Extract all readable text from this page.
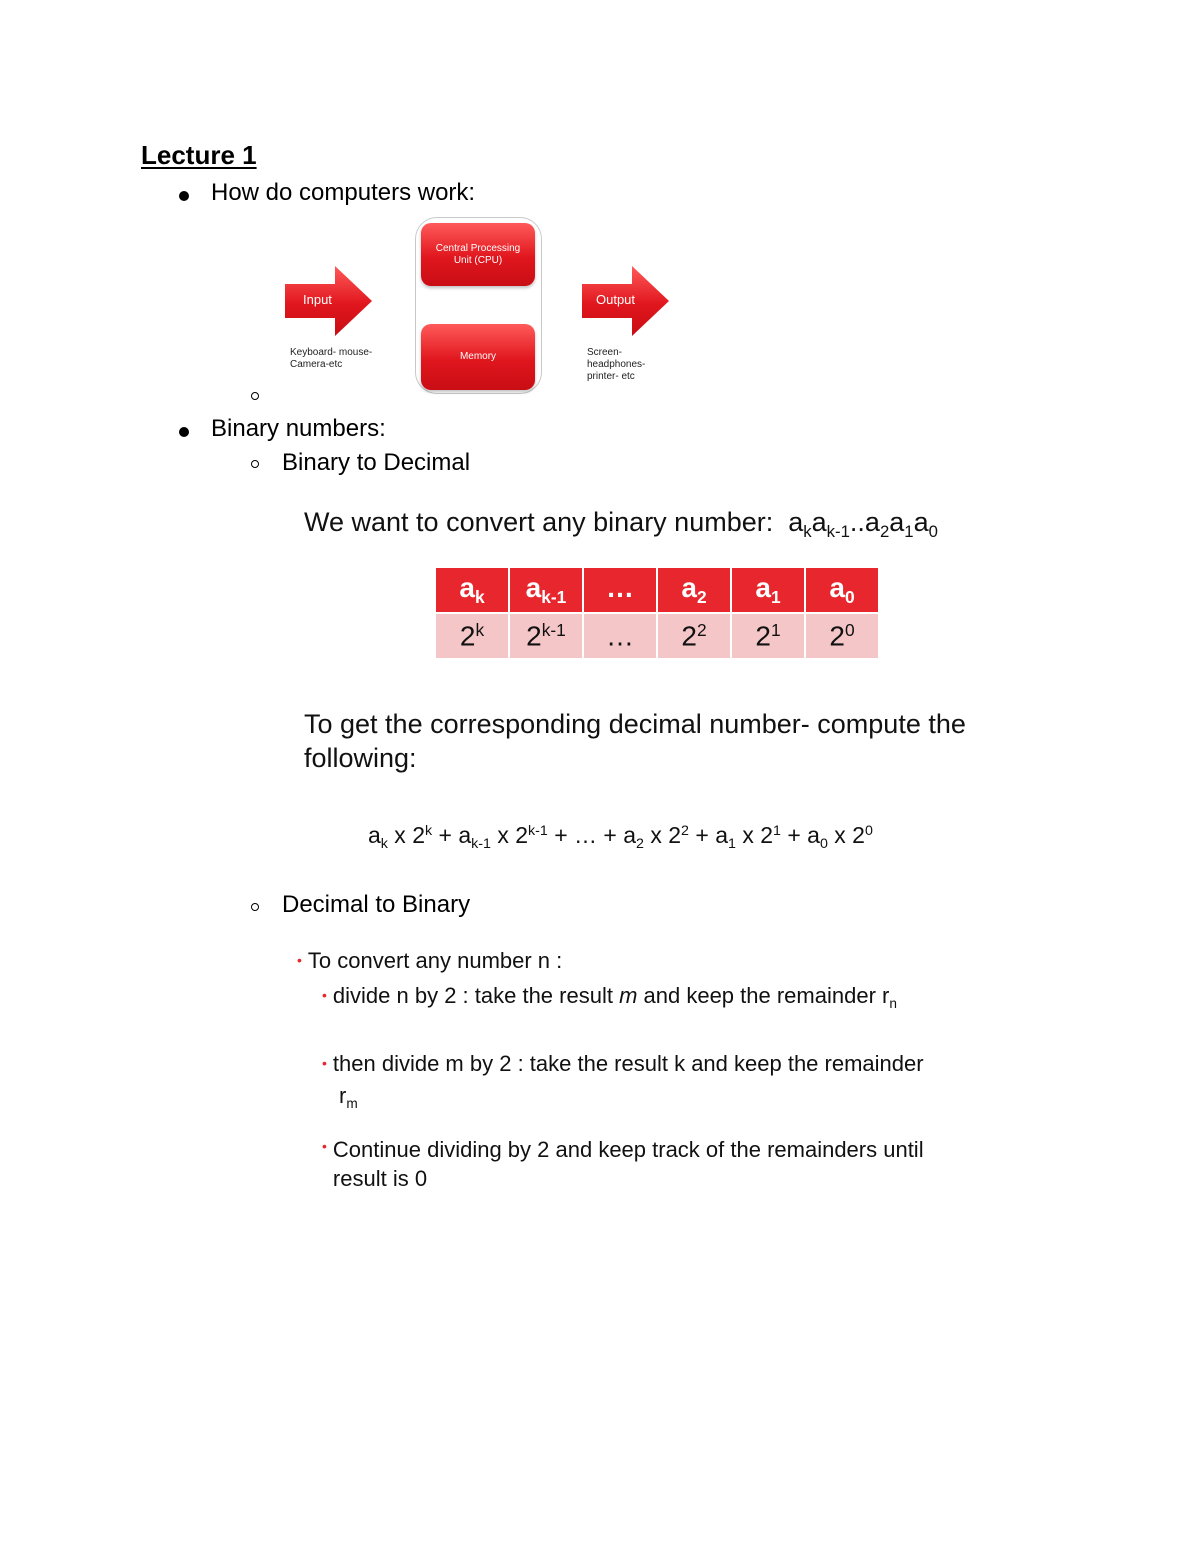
Lecture 1
How do computers work:
Input
Keyboard- mouse- Camera-etc
Central Processing Unit (CPU)
Memory
Output
Screen- headphones- printer- etc
Binary numbers:
Binary to Decimal
We want to convert any binary number:  $a_ka_{k-1}..a_2a_1a_0$
$a_k$	$a_{k-1}$	…	$a_2$	$a_1$	$a_0$
2$^k$	2$^{k-1}$	…	$2^2$	$2^1$	$2^0$
To get the corresponding decimal number- compute the following:
$a_k$ x $2^k + a_{k-1}$ x $2^{k-1}$ + … + $a_2$ x $2^2 + a_1$ x $2^1 + a_0$ x $2^0$
Decimal to Binary
• To convert any number n :
• divide n by 2 : take the result m and keep the remainder $r_n$
• then divide m by 2 : take the result k and keep the remainder
$r_m$
• Continue dividing by 2 and keep track of the remainders until result is 0
